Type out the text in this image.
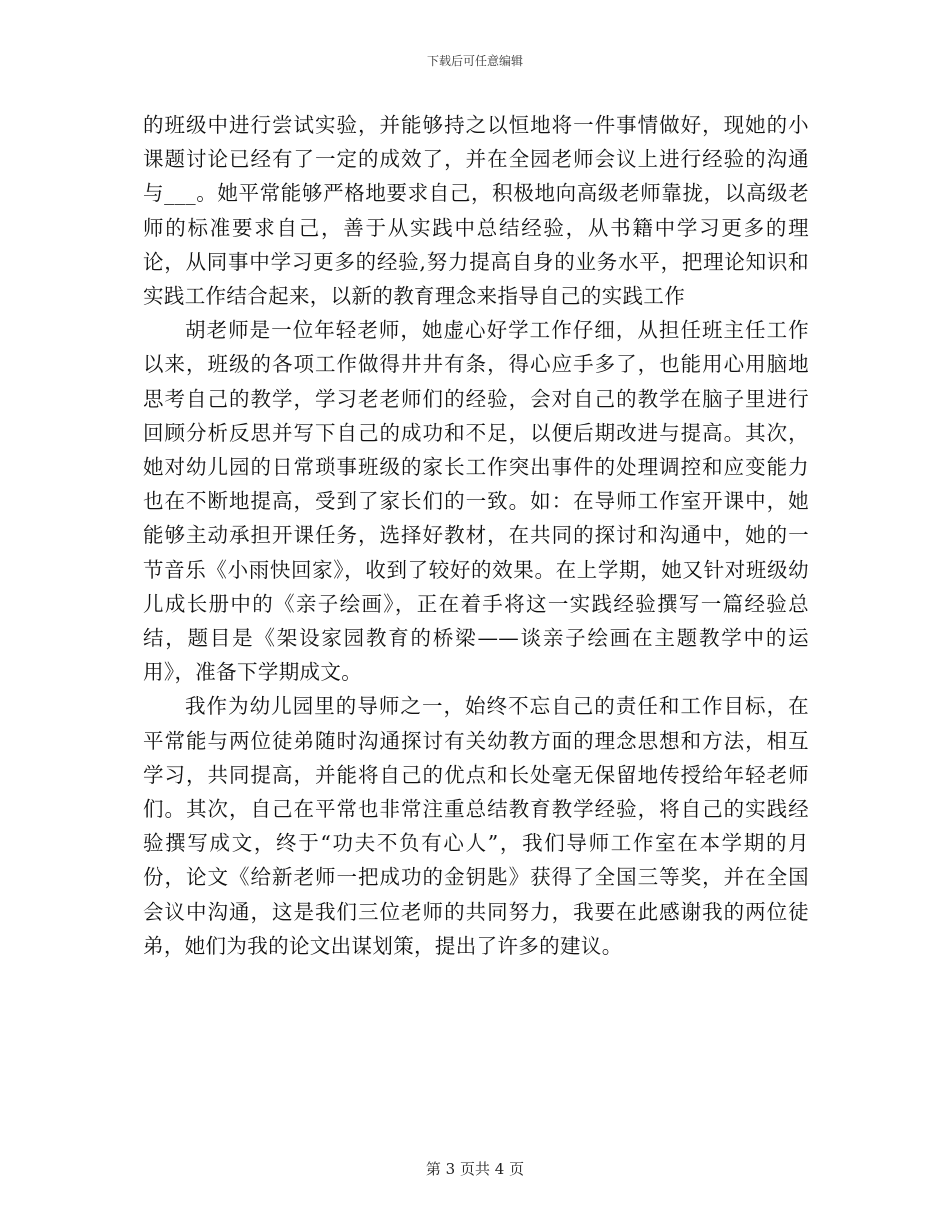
下载后可任意编辑

的班级中进行尝试实验，并能够持之以恒地将一件事情做好，现她的小课题讨论已经有了一定的成效了，并在全园老师会议上进行经验的沟通与___。她平常能够严格地要求自己，积极地向高级老师靠拢，以高级老师的标准要求自己，善于从实践中总结经验，从书籍中学习更多的理论，从同事中学习更多的经验,努力提高自身的业务水平，把理论知识和实践工作结合起来，以新的教育理念来指导自己的实践工作

胡老师是一位年轻老师，她虚心好学工作仔细，从担任班主任工作以来，班级的各项工作做得井井有条，得心应手多了，也能用心用脑地思考自己的教学，学习老老师们的经验，会对自己的教学在脑子里进行回顾分析反思并写下自己的成功和不足，以便后期改进与提高。其次，她对幼儿园的日常琐事班级的家长工作突出事件的处理调控和应变能力也在不断地提高，受到了家长们的一致。如：在导师工作室开课中，她能够主动承担开课任务，选择好教材，在共同的探讨和沟通中，她的一节音乐《小雨快回家》，收到了较好的效果。在上学期，她又针对班级幼儿成长册中的《亲子绘画》，正在着手将这一实践经验撰写一篇经验总结，题目是《架设家园教育的桥梁——谈亲子绘画在主题教学中的运用》，准备下学期成文。

我作为幼儿园里的导师之一，始终不忘自己的责任和工作目标，在平常能与两位徒弟随时沟通探讨有关幼教方面的理念思想和方法，相互学习，共同提高，并能将自己的优点和长处毫无保留地传授给年轻老师们。其次，自己在平常也非常注重总结教育教学经验，将自己的实践经验撰写成文，终于“功夫不负有心人”，我们导师工作室在本学期的月份，论文《给新老师一把成功的金钥匙》获得了全国三等奖，并在全国会议中沟通，这是我们三位老师的共同努力，我要在此感谢我的两位徒弟，她们为我的论文出谋划策，提出了许多的建议。

第 3 页共 4 页
